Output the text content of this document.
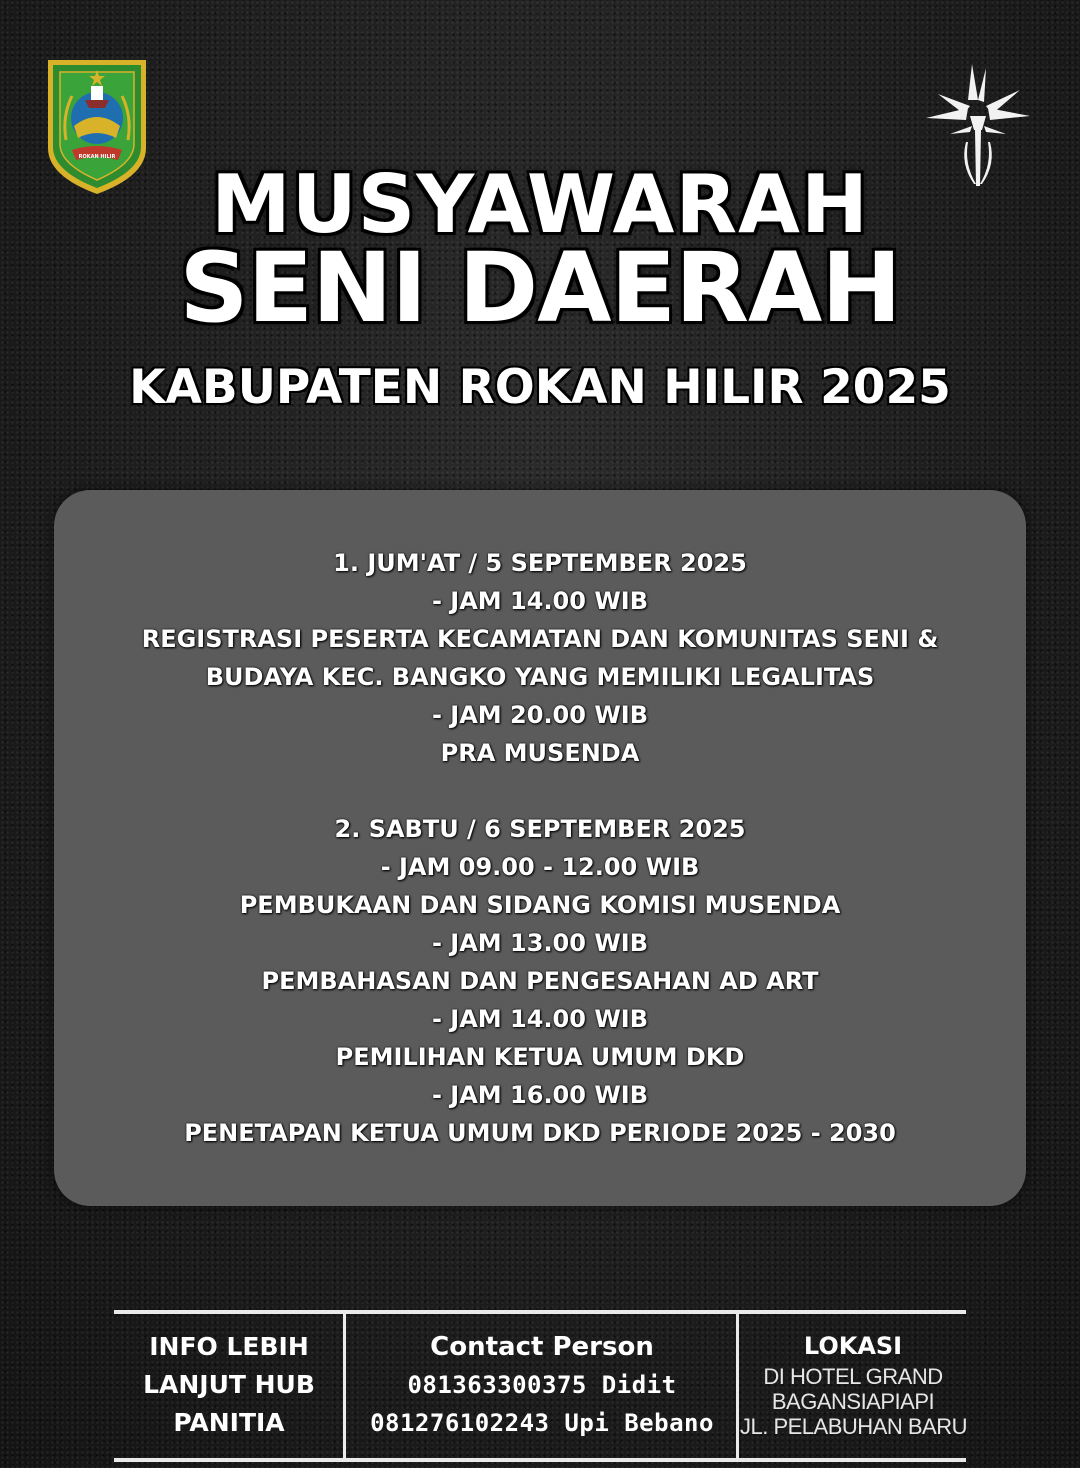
ROKAN HILIR
MUSYAWARAH
SENI DAERAH
KABUPATEN ROKAN HILIR 2025
1. JUM'AT / 5 SEPTEMBER 2025
- JAM 14.00 WIB
REGISTRASI PESERTA KECAMATAN DAN KOMUNITAS SENI &
BUDAYA KEC. BANGKO YANG MEMILIKI LEGALITAS
- JAM 20.00 WIB
PRA MUSENDA
2. SABTU / 6 SEPTEMBER 2025
- JAM 09.00 - 12.00 WIB
PEMBUKAAN DAN SIDANG KOMISI MUSENDA
- JAM 13.00 WIB
PEMBAHASAN DAN PENGESAHAN AD ART
- JAM 14.00 WIB
PEMILIHAN KETUA UMUM DKD
- JAM 16.00 WIB
PENETAPAN KETUA UMUM DKD PERIODE 2025 - 2030
INFO LEBIH
LANJUT HUB
PANITIA
Contact Person
081363300375 Didit
081276102243 Upi Bebano
LOKASI
DI HOTEL GRAND
BAGANSIAPIAPI
JL. PELABUHAN BARU
